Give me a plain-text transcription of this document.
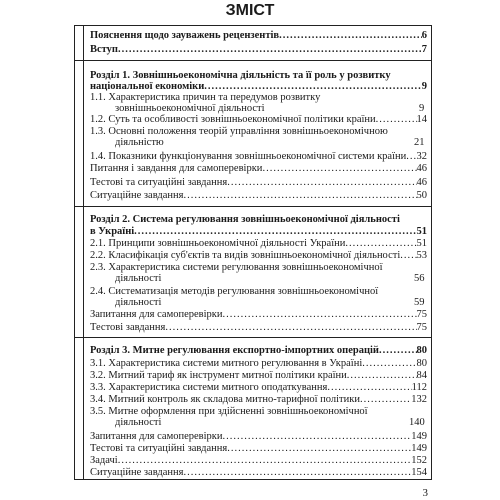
ЗМІСТ
Пояснення щодо зауважень рецензентів .....	6
Вступ .....	7
Розділ 1. Зовнішньоекономічна діяльність та її роль у розвитку
національної економіки .....	9
1.1. Характеристика причин та передумов розвитку
зовнішньоекономічної діяльності	9
1.2. Суть та особливості зовнішньоекономічної політики країни .....	14
1.3. Основні положення теорій управління зовнішньоекономічною
діяльністю	21
1.4. Показники функціонування зовнішньоекономічної системи країни ..... 32
Питання і завдання для самоперевірки .....	46
Тестові та ситуаційні завдання .....	46
Ситуаційне завдання .....	50
Розділ 2. Система регулювання зовнішньоекономічної діяльності
в Україні .....	51
2.1. Принципи зовнішньоекономічної діяльності України .....	51
2.2. Класифікація суб'єктів та видів зовнішньоекономічної діяльності ..... 53
2.3. Характеристика системи регулювання зовнішньоекономічної
діяльності	56
2.4. Систематизація методів регулювання зовнішньоекономічної
діяльності	59
Запитання для самоперевірки .....	75
Тестові завдання .....	75
Розділ 3. Митне регулювання експортно-імпортних операцій .....	80
3.1. Характеристика системи митного регулювання в Україні .....	80
3.2. Митний тариф як інструмент митної політики країни .....	84
3.3. Характеристика системи митного оподаткування .....	112
3.4. Митний контроль як складова митно-тарифної політики .....	132
3.5. Митне оформлення при здійсненні зовнішньоекономічної
діяльності	140
Запитання для самоперевірки .....	149
Тестові та ситуаційні завдання .....	149
Задачі .....	152
Ситуаційне завдання .....	154
3
